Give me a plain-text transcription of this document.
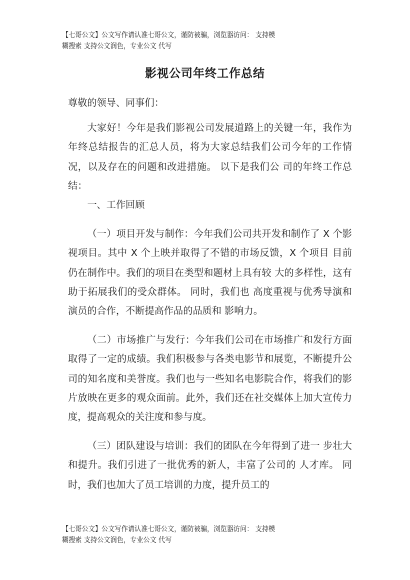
【七哥公文】公文写作请认准七哥公文，谨防被骗，浏览器访问： 支持模
糊搜索 支持公文润色，专业公文 代写
影视公司年终工作总结

尊敬的领导、同事们：

大家好！今年是我们影视公司发展道路上的关键一年，我作为年终总结报告的汇总人员，将为大家总结我们公司今年的工作情况，以及存在的问题和改进措施。 以下是我们公 司的年终工作总结：

一、工作回顾

（一）项目开发与制作：今年我们公司共开发和制作了 X 个影视项目。其中 X 个上映并取得了不错的市场反馈，X 个项目 目前仍在制作中。我们的项目在类型和题材上具有较 大的多样性，这有助于拓展我们的受众群体。 同时，我们也 高度重视与优秀导演和演员的合作，不断提高作品的品质和 影响力。

（二）市场推广与发行：今年我们公司在市场推广和发行方面取得了一定的成绩。我们积极参与各类电影节和展览，不断提升公司的知名度和美誉度。我们也与一些知名电影院合作，将我们的影片放映在更多的观众面前。此外，我们还在社交媒体上加大宣传力度，提高观众的关注度和参与度。

（三）团队建设与培训：我们的团队在今年得到了进一 步壮大和提升。我们引进了一批优秀的新人，丰富了公司的 人才库。 同时，我们也加大了员工培训的力度，提升员工的

【七哥公文】公文写作请认准七哥公文，谨防被骗，浏览器访问： 支持模
糊搜索 支持公文润色，专业公文 代写
